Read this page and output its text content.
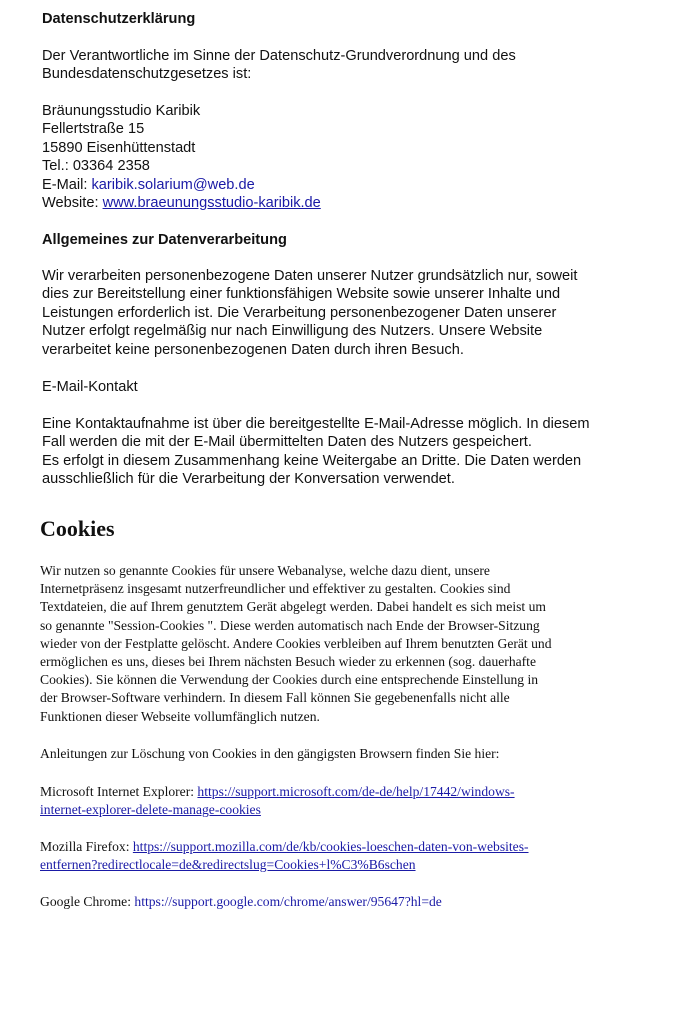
Datenschutzerklärung
Der Verantwortliche im Sinne der Datenschutz-Grundverordnung und des
Bundesdatenschutzgesetzes ist:
Bräunungsstudio Karibik
Fellertstraße 15
15890 Eisenhüttenstadt
Tel.: 03364 2358
E-Mail: karibik.solarium@web.de
Website: www.braeunungsstudio-karibik.de
Allgemeines zur Datenverarbeitung
Wir verarbeiten personenbezogene Daten unserer Nutzer grundsätzlich nur, soweit
dies zur Bereitstellung einer funktionsfähigen Website sowie unserer Inhalte und
Leistungen erforderlich ist. Die Verarbeitung personenbezogener Daten unserer
Nutzer erfolgt regelmäßig nur nach Einwilligung des Nutzers. Unsere Website
verarbeitet keine personenbezogenen Daten durch ihren Besuch.
E-Mail-Kontakt
Eine Kontaktaufnahme ist über die bereitgestellte E-Mail-Adresse möglich. In diesem
Fall werden die mit der E-Mail übermittelten Daten des Nutzers gespeichert.
Es erfolgt in diesem Zusammenhang keine Weitergabe an Dritte. Die Daten werden
ausschließlich für die Verarbeitung der Konversation verwendet.
Cookies
Wir nutzen so genannte Cookies für unsere Webanalyse, welche dazu dient, unsere
Internetpräsenz insgesamt nutzerfreundlicher und effektiver zu gestalten. Cookies sind
Textdateien, die auf Ihrem genutztem Gerät abgelegt werden. Dabei handelt es sich meist um
so genannte "Session-Cookies ". Diese werden automatisch nach Ende der Browser-Sitzung
wieder von der Festplatte gelöscht. Andere Cookies verbleiben auf Ihrem benutzten Gerät und
ermöglichen es uns, dieses bei Ihrem nächsten Besuch wieder zu erkennen (sog. dauerhafte
Cookies). Sie können die Verwendung der Cookies durch eine entsprechende Einstellung in
der Browser-Software verhindern. In diesem Fall können Sie gegebenenfalls nicht alle
Funktionen dieser Webseite vollumfänglich nutzen.
Anleitungen zur Löschung von Cookies in den gängigsten Browsern finden Sie hier:
Microsoft Internet Explorer: https://support.microsoft.com/de-de/help/17442/windows-
internet-explorer-delete-manage-cookies
Mozilla Firefox: https://support.mozilla.com/de/kb/cookies-loeschen-daten-von-websites-
entfernen?redirectlocale=de&redirectslug=Cookies+l%C3%B6schen
Google Chrome: https://support.google.com/chrome/answer/95647?hl=de
